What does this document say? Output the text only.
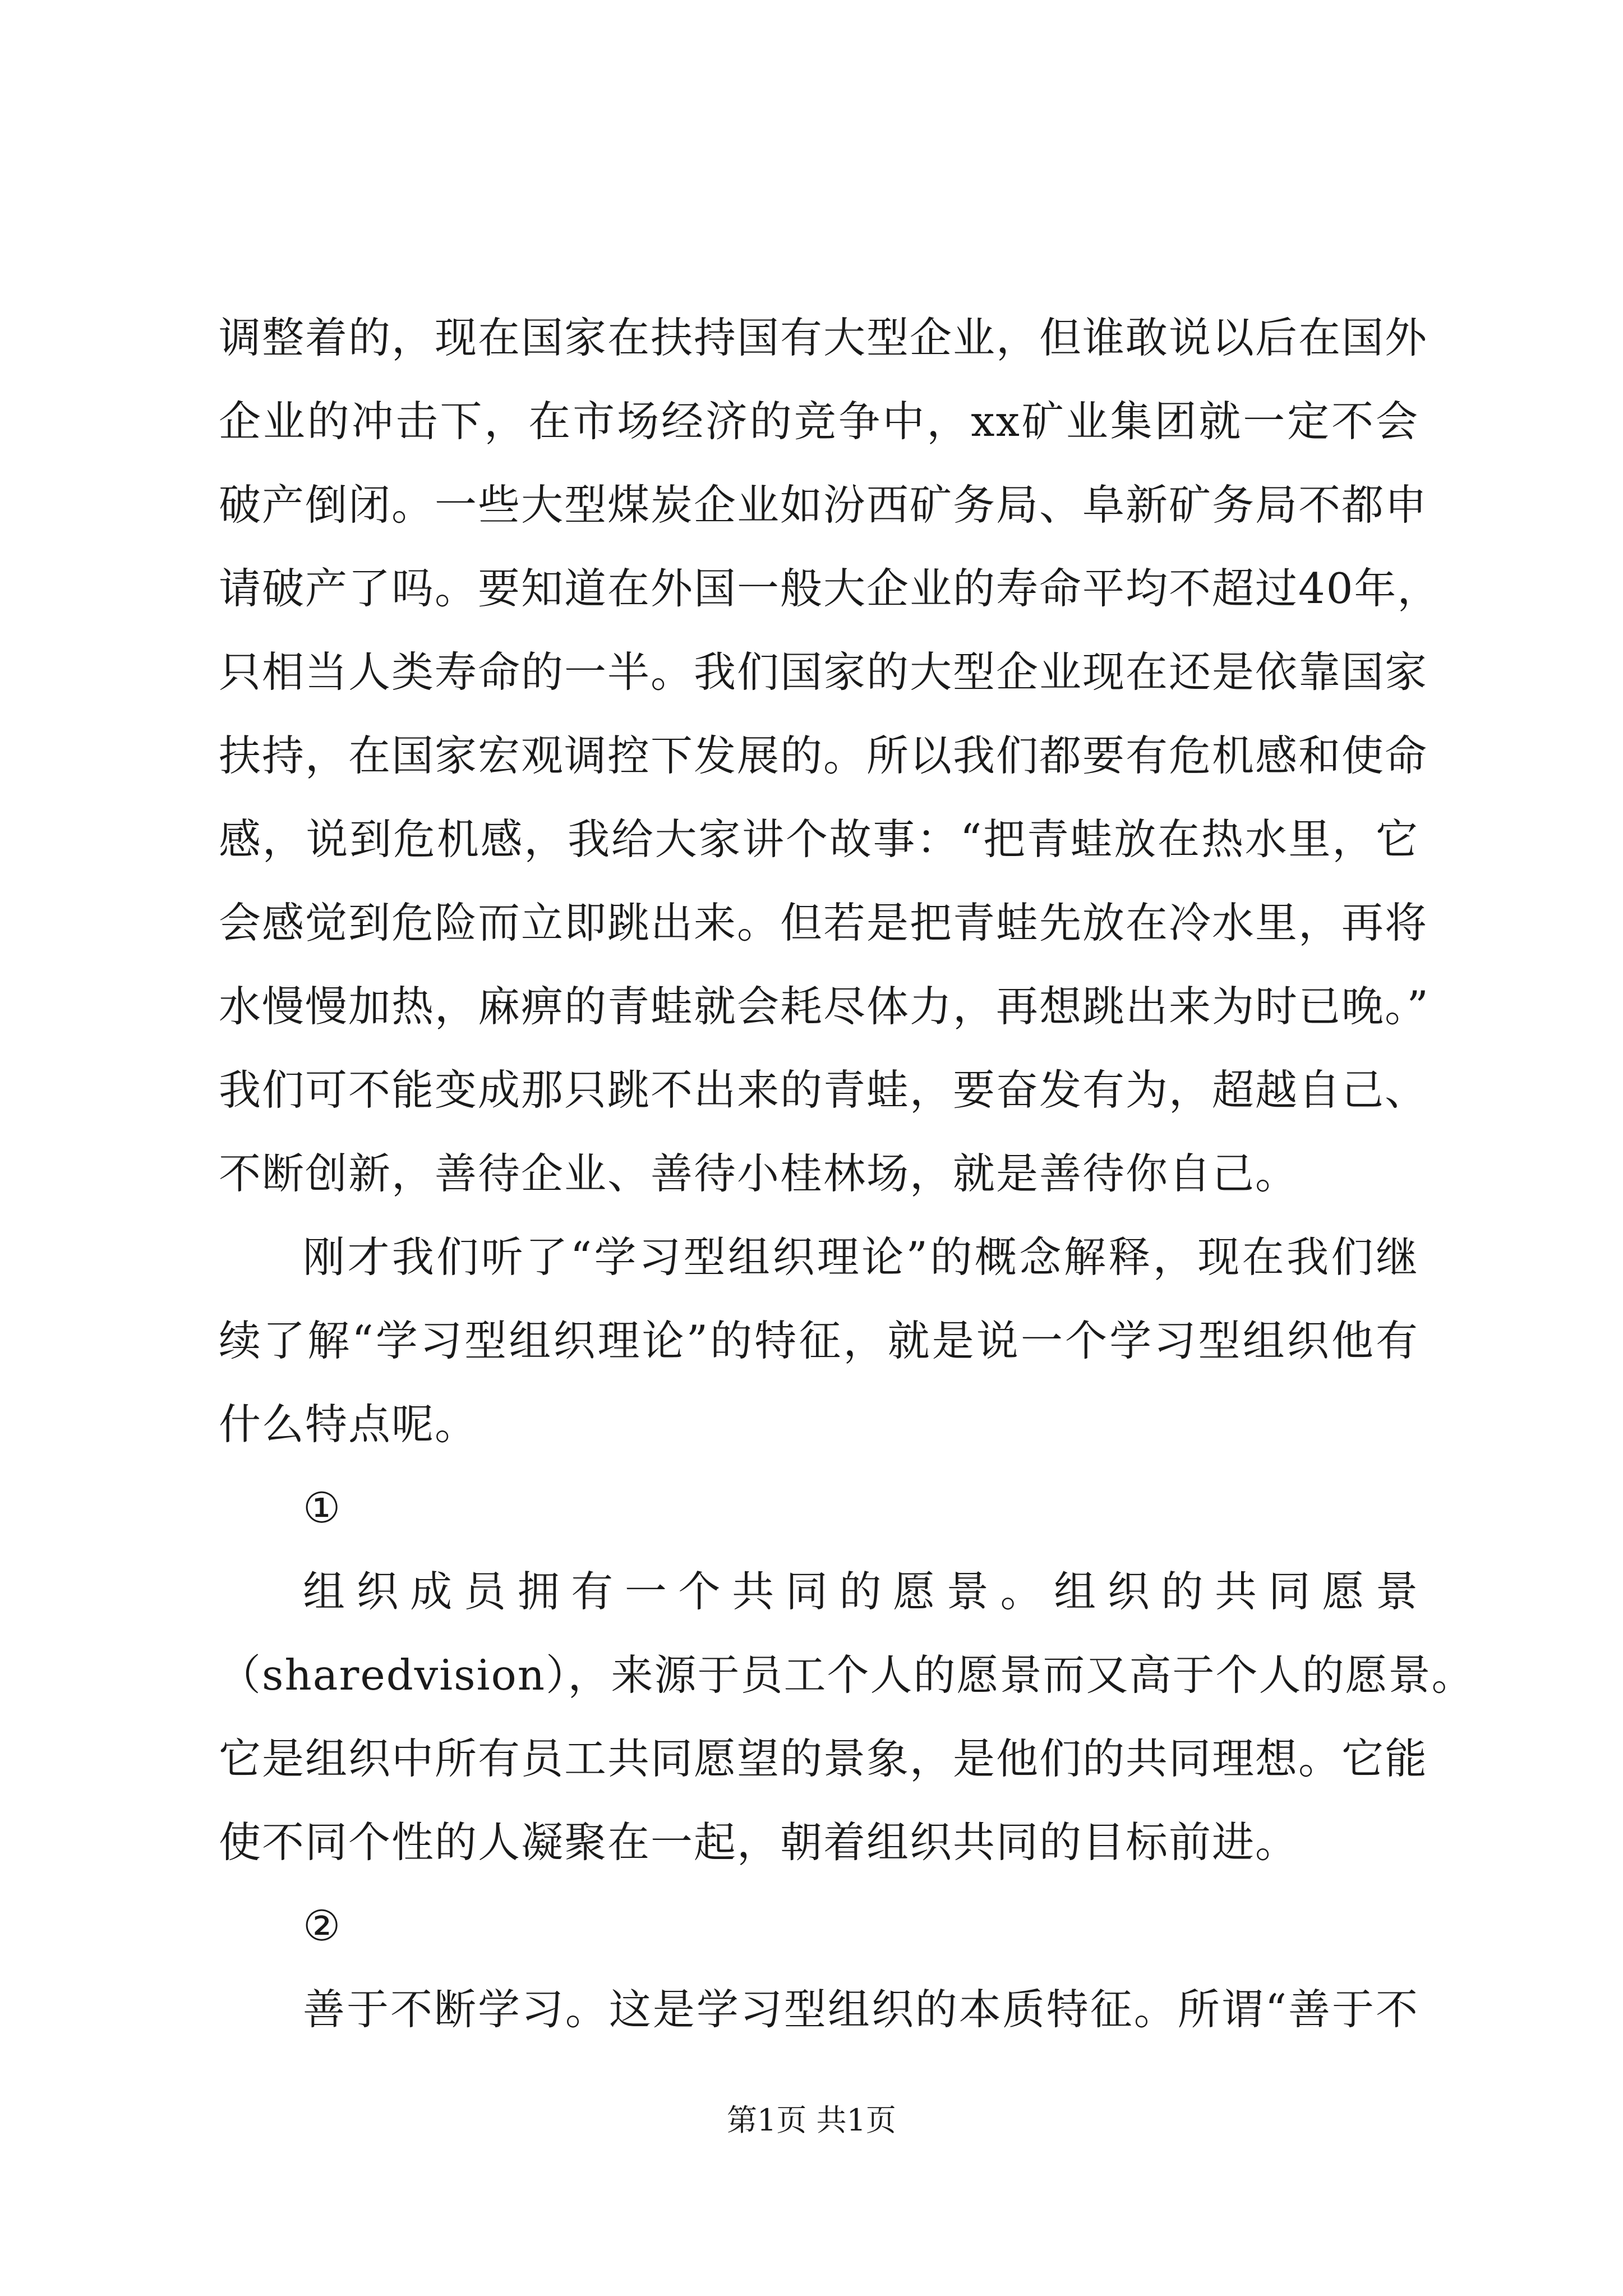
调整着的，现在国家在扶持国有大型企业，但谁敢说以后在国外
企业的冲击下，在市场经济的竞争中，xx矿业集团就一定不会
破产倒闭。一些大型煤炭企业如汾西矿务局、阜新矿务局不都申
请破产了吗。要知道在外国一般大企业的寿命平均不超过40年，
只相当人类寿命的一半。我们国家的大型企业现在还是依靠国家
扶持，在国家宏观调控下发展的。所以我们都要有危机感和使命
感，说到危机感，我给大家讲个故事：“把青蛙放在热水里，它
会感觉到危险而立即跳出来。但若是把青蛙先放在冷水里，再将
水慢慢加热，麻痹的青蛙就会耗尽体力，再想跳出来为时已晚。”
我们可不能变成那只跳不出来的青蛙，要奋发有为，超越自己、
不断创新，善待企业、善待小桂林场，就是善待你自己。
刚才我们听了“学习型组织理论”的概念解释，现在我们继
续了解“学习型组织理论”的特征，就是说一个学习型组织他有
什么特点呢。
①
组织成员拥有一个共同的愿景。组织的共同愿景
（sharedvision），来源于员工个人的愿景而又高于个人的愿景。
它是组织中所有员工共同愿望的景象，是他们的共同理想。它能
使不同个性的人凝聚在一起，朝着组织共同的目标前进。
②
善于不断学习。这是学习型组织的本质特征。所谓“善于不
第1页 共1页
